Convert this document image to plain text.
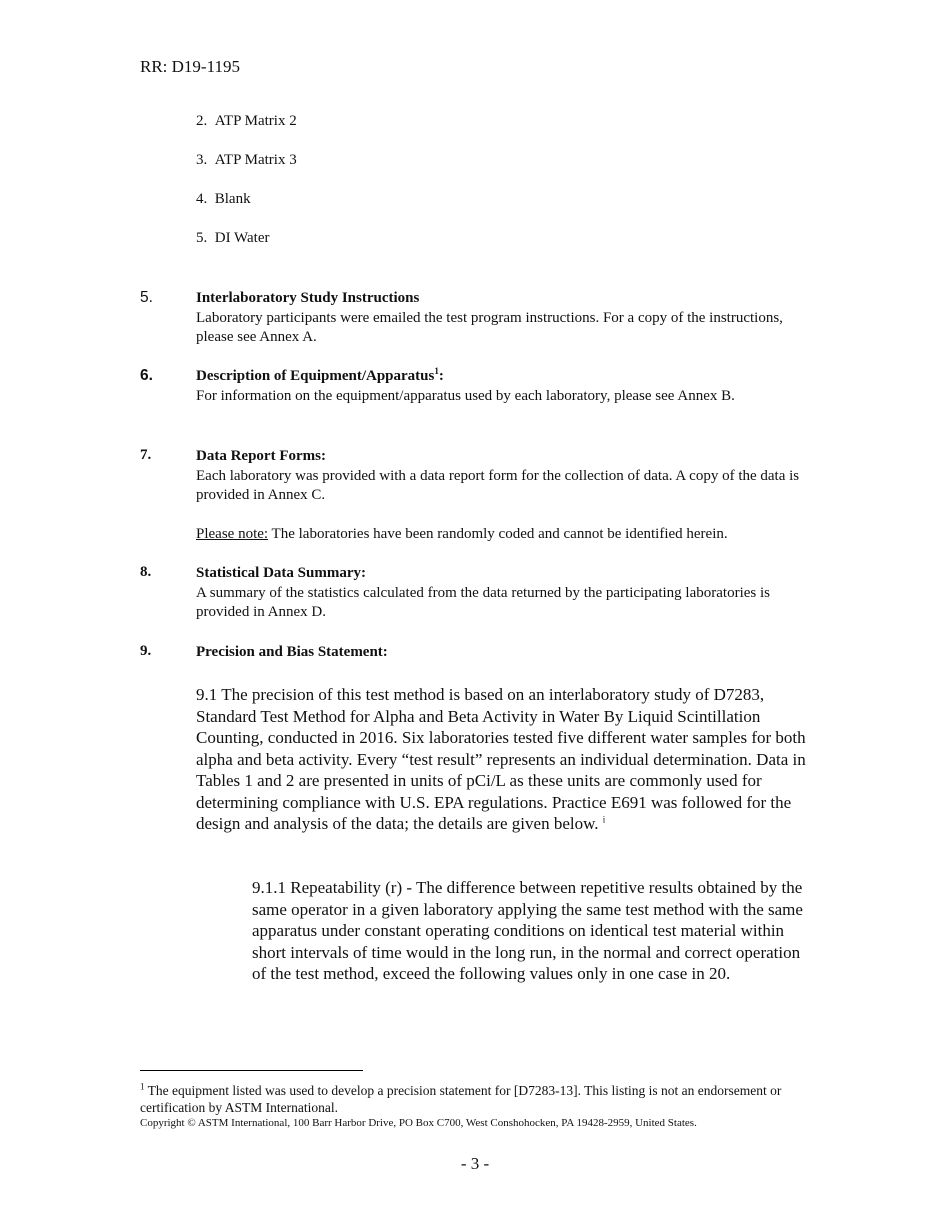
RR: D19-1195
2. ATP Matrix 2
3. ATP Matrix 3
4. Blank
5. DI Water
5.	Interlaboratory Study Instructions
Laboratory participants were emailed the test program instructions. For a copy of the instructions, please see Annex A.
6.	Description of Equipment/Apparatus$^1$:
For information on the equipment/apparatus used by each laboratory, please see Annex B.
7.	Data Report Forms:
Each laboratory was provided with a data report form for the collection of data. A copy of the data is provided in Annex C.
Please note: The laboratories have been randomly coded and cannot be identified herein.
8.	Statistical Data Summary:
A summary of the statistics calculated from the data returned by the participating laboratories is provided in Annex D.
9.	Precision and Bias Statement:
9.1 The precision of this test method is based on an interlaboratory study of D7283, Standard Test Method for Alpha and Beta Activity in Water By Liquid Scintillation Counting, conducted in 2016. Six laboratories tested five different water samples for both alpha and beta activity. Every “test result” represents an individual determination. Data in Tables 1 and 2 are presented in units of pCi/L as these units are commonly used for determining compliance with U.S. EPA regulations. Practice E691 was followed for the design and analysis of the data; the details are given below. $^i$
9.1.1 Repeatability (r) - The difference between repetitive results obtained by the same operator in a given laboratory applying the same test method with the same apparatus under constant operating conditions on identical test material within short intervals of time would in the long run, in the normal and correct operation of the test method, exceed the following values only in one case in 20.
$^1$ The equipment listed was used to develop a precision statement for [D7283-13]. This listing is not an endorsement or certification by ASTM International.
Copyright © ASTM International, 100 Barr Harbor Drive, PO Box C700, West Conshohocken, PA 19428-2959, United States.
- 3 -
